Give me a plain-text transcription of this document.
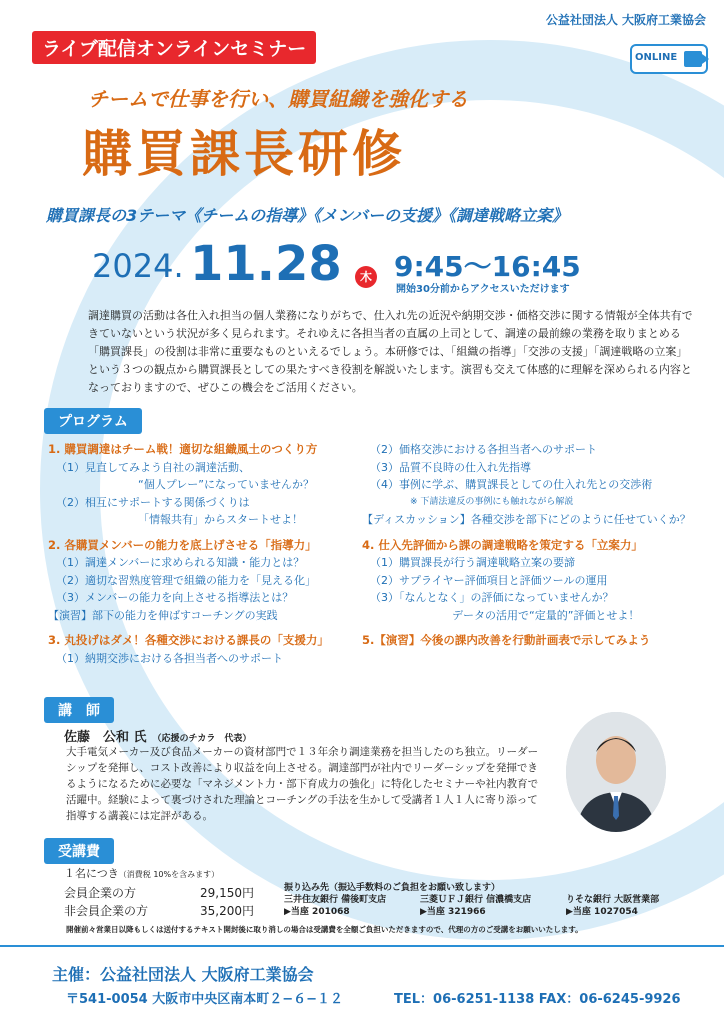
公益社団法人 大阪府工業協会
ONLINE
ライブ配信オンラインセミナー
チームで仕事を行い、購買組織を強化する
購買課長研修
購買課長の3テーマ《チームの指導》《メンバーの支援》《調達戦略立案》
2024. 11.28	木 9:45〜16:45
開始30分前からアクセスいただけます
調達購買の活動は各仕入れ担当の個人業務になりがちで、仕入れ先の近況や納期交渉・価格交渉に関する情報が全体共有できていないという状況が多く見られます。それゆえに各担当者の直属の上司として、調達の最前線の業務を取りまとめる「購買課長」の役割は非常に重要なものといえるでしょう。本研修では、「組織の指導」「交渉の支援」「調達戦略の立案」という３つの観点から購買課長としての果たすべき役割を解説いたします。演習も交えて体感的に理解を深められる内容となっておりますので、ぜひこの機会をご活用ください。
プログラム
1. 購買調達はチーム戦！適切な組織風土のつくり方
（1）見直してみよう自社の調達活動、
“個人プレー”になっていませんか？
（2）相互にサポートする関係づくりは
「情報共有」からスタートせよ！
2. 各購買メンバーの能力を底上げさせる「指導力」
（1）調達メンバーに求められる知識・能力とは？
（2）適切な習熟度管理で組織の能力を「見える化」
（3）メンバーの能力を向上させる指導法とは？
【演習】部下の能力を伸ばすコーチングの実践
3. 丸投げはダメ！各種交渉における課長の「支援力」
（1）納期交渉における各担当者へのサポート
（2）価格交渉における各担当者へのサポート
（3）品質不良時の仕入れ先指導
（4）事例に学ぶ、購買課長としての仕入れ先との交渉術
※ 下請法違反の事例にも触れながら解説
【ディスカッション】各種交渉を部下にどのように任せていくか？
4. 仕入先評価から課の調達戦略を策定する「立案力」
（1）購買課長が行う調達戦略立案の要諦
（2）サプライヤー評価項目と評価ツールの運用
（3）「なんとなく」の評価になっていませんか？
データの活用で“定量的”評価とせよ！
5.【演習】今後の課内改善を行動計画表で示してみよう
講　師
佐藤　公和 氏 （応援のチカラ　代表）
大手電気メーカー及び食品メーカーの資材部門で１３年余り調達業務を担当したのち独立。リーダーシップを発揮し、コスト改善により収益を向上させる。調達部門が社内でリーダーシップを発揮できるようになるために必要な「マネジメント力・部下育成力の強化」に特化したセミナーや社内教育で活躍中。経験によって裏づけされた理論とコーチングの手法を生かして受講者１人１人に寄り添って指導する講義には定評がある。
受講費
１名につき（消費税 10%を含みます）
会員企業の方	29,150円
非会員企業の方	35,200円
振り込み先（振込手数料のご負担をお願い致します）
三井住友銀行 備後町支店
▶当座 201068
三菱ＵＦＪ銀行 信濃橋支店
▶当座 321966
りそな銀行 大阪営業部
▶当座 1027054
開催前々営業日以降もしくは送付するテキスト開封後に取り消しの場合は受講費を全額ご負担いただきますので、代理の方のご受講をお願いいたします。
主催：公益社団法人 大阪府工業協会
〒541-0054 大阪市中央区南本町２−６−１２	TEL：06-6251-1138 FAX：06-6245-9926
